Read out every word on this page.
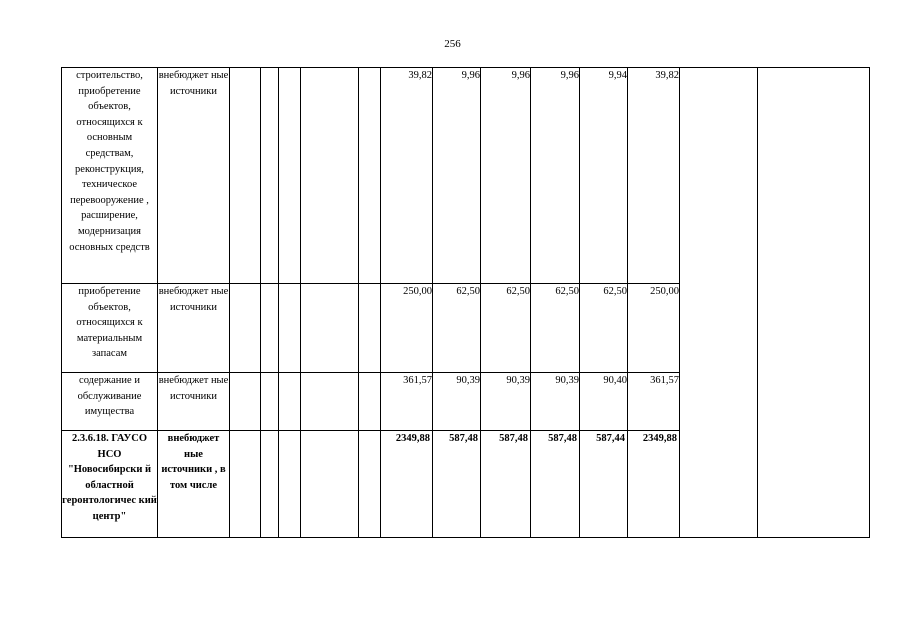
256
строительство, приобретение объектов, относящихся к основным средствам, реконструкция, техническое перевооружение , расширение, модернизация основных средств	внебюджет ные источники						39,82	9,96	9,96	9,96	9,94	39,82		
приобретение объектов, относящихся к материальным запасам	внебюджет ные источники						250,00	62,50	62,50	62,50	62,50	250,00		
содержание и обслуживание имущества	внебюджет ные источники						361,57	90,39	90,39	90,39	90,40	361,57		
2.3.6.18. ГАУСО НСО "Новосибирски й областной геронтологичес кий центр"	внебюджет ные источники , в том числе						2349,88	587,48	587,48	587,48	587,44	2349,88		
